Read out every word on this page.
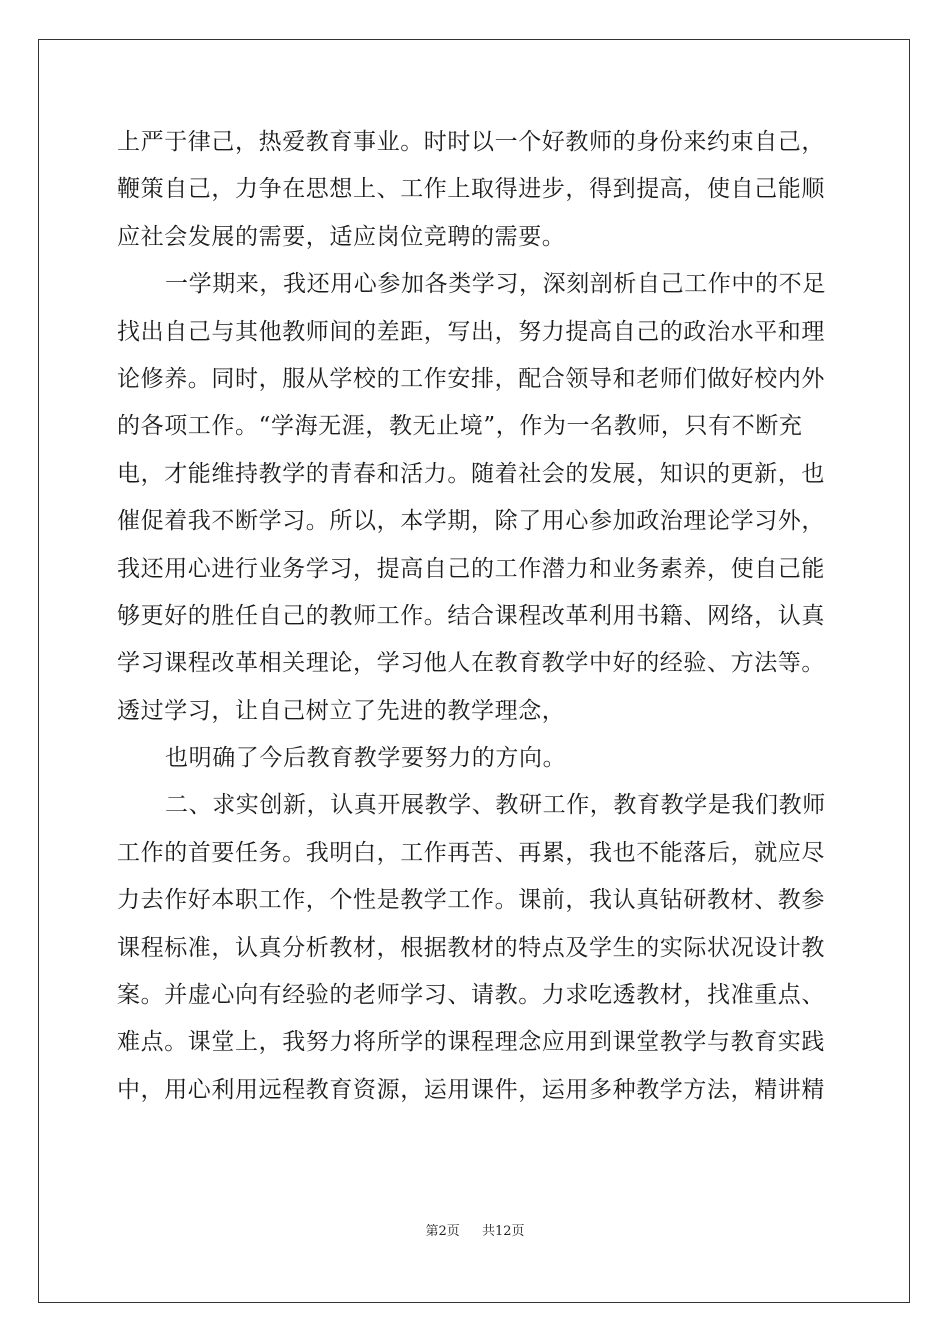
上严于律己，热爱教育事业。时时以一个好教师的身份来约束自己，
鞭策自己，力争在思想上、工作上取得进步，得到提高，使自己能顺
应社会发展的需要，适应岗位竞聘的需要。
一学期来，我还用心参加各类学习，深刻剖析自己工作中的不足
找出自己与其他教师间的差距，写出，努力提高自己的政治水平和理
论修养。同时，服从学校的工作安排，配合领导和老师们做好校内外
的各项工作。“学海无涯，教无止境”，作为一名教师，只有不断充
电，才能维持教学的青春和活力。随着社会的发展，知识的更新，也
催促着我不断学习。所以，本学期，除了用心参加政治理论学习外，
我还用心进行业务学习，提高自己的工作潜力和业务素养，使自己能
够更好的胜任自己的教师工作。结合课程改革利用书籍、网络，认真
学习课程改革相关理论，学习他人在教育教学中好的经验、方法等。
透过学习，让自己树立了先进的教学理念，
也明确了今后教育教学要努力的方向。
二、求实创新，认真开展教学、教研工作，教育教学是我们教师
工作的首要任务。我明白，工作再苦、再累，我也不能落后，就应尽
力去作好本职工作，个性是教学工作。课前，我认真钻研教材、教参
课程标准，认真分析教材，根据教材的特点及学生的实际状况设计教
案。并虚心向有经验的老师学习、请教。力求吃透教材，找准重点、
难点。课堂上，我努力将所学的课程理念应用到课堂教学与教育实践
中，用心利用远程教育资源，运用课件，运用多种教学方法，精讲精
第2页 共12页
